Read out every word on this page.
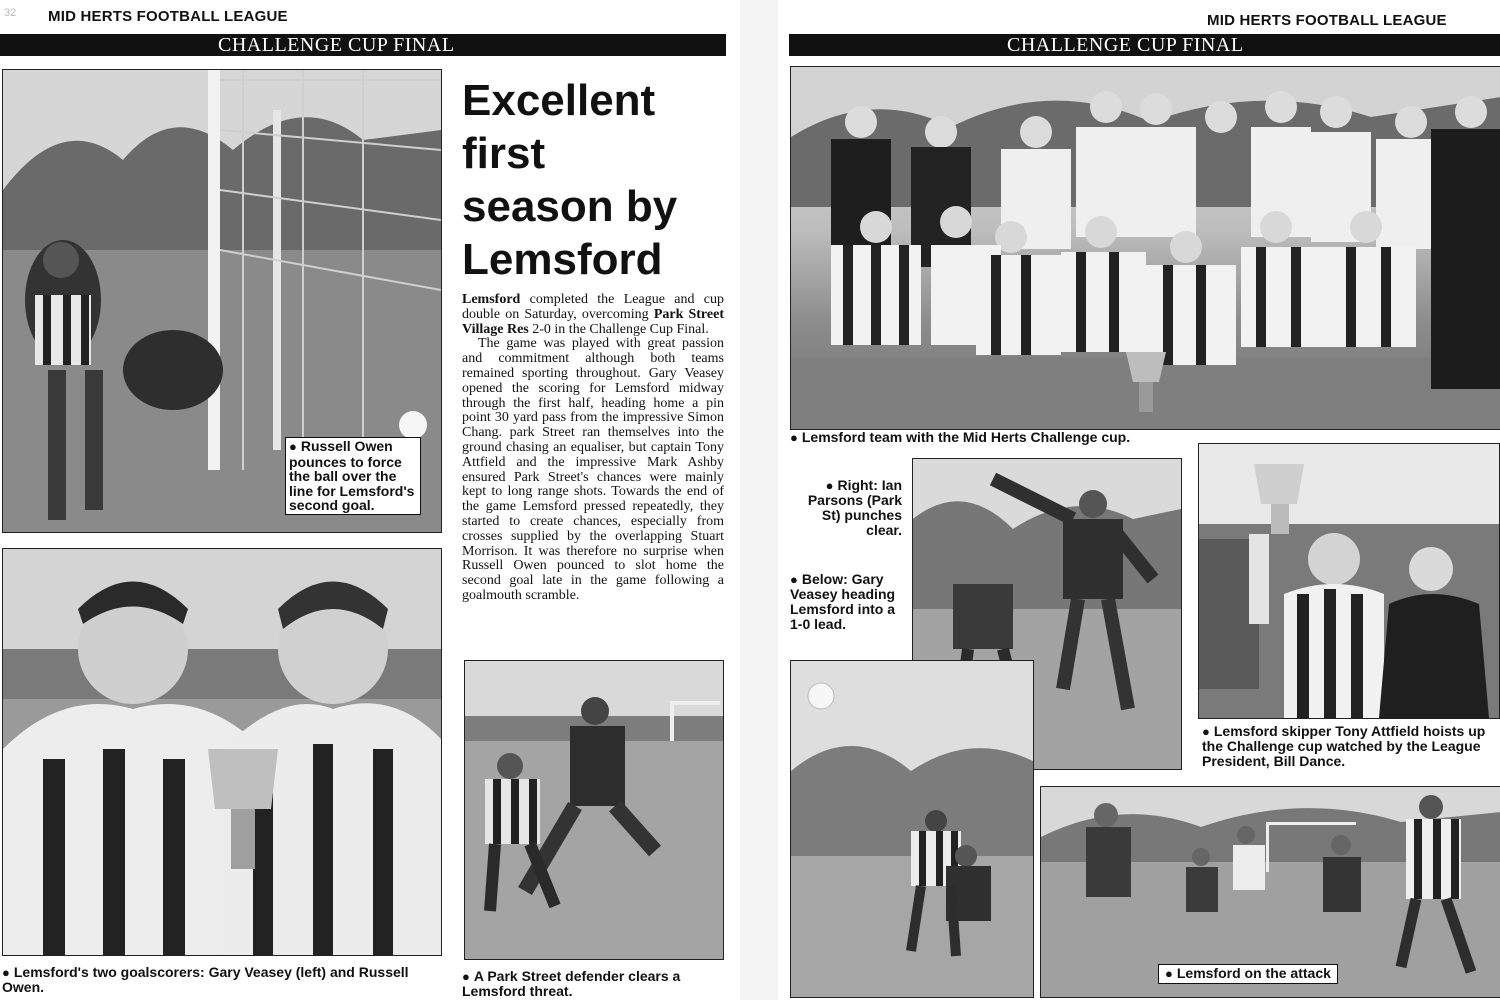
32 MID HERTS FOOTBALL LEAGUE
CHALLENGE CUP FINAL
● Russell Owen pounces to force the ball over the line for Lemsford's second goal.
Excellent
first
season by
Lemsford

Lemsford completed the League and cup double on Saturday, overcoming Park Street Village Res 2-0 in the Challenge Cup Final.

The game was played with great passion and commitment although both teams remained sporting throughout. Gary Veasey opened the scoring for Lemsford midway through the first half, heading home a pin point 30 yard pass from the impressive Simon Chang. park Street ran themselves into the ground chasing an equaliser, but captain Tony Attfield and the impressive Mark Ashby ensured Park Street's chances were mainly kept to long range shots. Towards the end of the game Lemsford pressed repeatedly, they started to create chances, especially from crosses supplied by the overlapping Stuart Morrison. It was therefore no surprise when Russell Owen pounced to slot home the second goal late in the game following a goalmouth scramble.

● Lemsford's two goalscorers: Gary Veasey (left) and Russell Owen.
● A Park Street defender clears a Lemsford threat.
MID HERTS FOOTBALL LEAGUE
CHALLENGE CUP FINAL
● Lemsford team with the Mid Herts Challenge cup.
● Right: Ian Parsons (Park St) punches clear.
● Below: Gary Veasey heading Lemsford into a 1-0 lead.
● Lemsford skipper Tony Attfield hoists up the Challenge cup watched by the League President, Bill Dance.
● Lemsford on the attack
